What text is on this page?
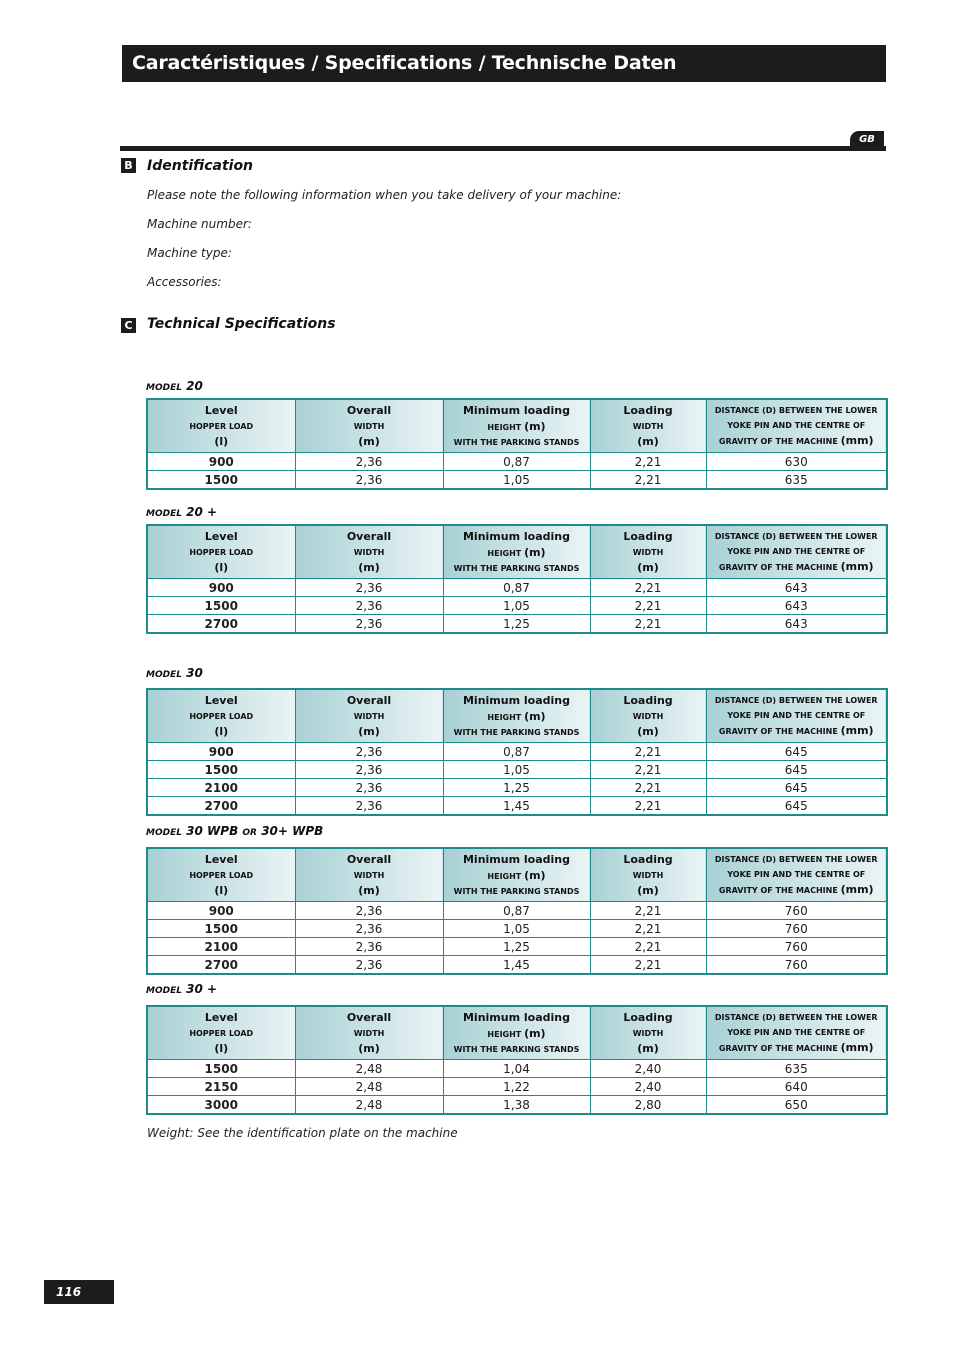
Caractéristiques / Specifications / Technische Daten
GB
B Identification
Please note the following information when you take delivery of your machine:
Machine number:
Machine type:
Accessories:
C Technical Specifications
MODEL 20
MODEL 20 +
MODEL 30
MODEL 30 WPB OR 30+ WPB
MODEL 30 +
Level
HOPPER LOAD
(l)	Overall
WIDTH
(m)	Minimum loading
HEIGHT (m)
WITH THE PARKING STANDS	Loading
WIDTH
(m)	DISTANCE (D) BETWEEN THE LOWER
YOKE PIN AND THE CENTRE OF
GRAVITY OF THE MACHINE (mm)
900	2,36	0,87	2,21	630
1500	2,36	1,05	2,21	635
Level
HOPPER LOAD
(l)	Overall
WIDTH
(m)	Minimum loading
HEIGHT (m)
WITH THE PARKING STANDS	Loading
WIDTH
(m)	DISTANCE (D) BETWEEN THE LOWER
YOKE PIN AND THE CENTRE OF
GRAVITY OF THE MACHINE (mm)
900	2,36	0,87	2,21	643
1500	2,36	1,05	2,21	643
2700	2,36	1,25	2,21	643
Level
HOPPER LOAD
(l)	Overall
WIDTH
(m)	Minimum loading
HEIGHT (m)
WITH THE PARKING STANDS	Loading
WIDTH
(m)	DISTANCE (D) BETWEEN THE LOWER
YOKE PIN AND THE CENTRE OF
GRAVITY OF THE MACHINE (mm)
900	2,36	0,87	2,21	645
1500	2,36	1,05	2,21	645
2100	2,36	1,25	2,21	645
2700	2,36	1,45	2,21	645
Level
HOPPER LOAD
(l)	Overall
WIDTH
(m)	Minimum loading
HEIGHT (m)
WITH THE PARKING STANDS	Loading
WIDTH
(m)	DISTANCE (D) BETWEEN THE LOWER
YOKE PIN AND THE CENTRE OF
GRAVITY OF THE MACHINE (mm)
900	2,36	0,87	2,21	760
1500	2,36	1,05	2,21	760
2100	2,36	1,25	2,21	760
2700	2,36	1,45	2,21	760
Level
HOPPER LOAD
(l)	Overall
WIDTH
(m)	Minimum loading
HEIGHT (m)
WITH THE PARKING STANDS	Loading
WIDTH
(m)	DISTANCE (D) BETWEEN THE LOWER
YOKE PIN AND THE CENTRE OF
GRAVITY OF THE MACHINE (mm)
1500	2,48	1,04	2,40	635
2150	2,48	1,22	2,40	640
3000	2,48	1,38	2,80	650
Weight: See the identification plate on the machine
116
